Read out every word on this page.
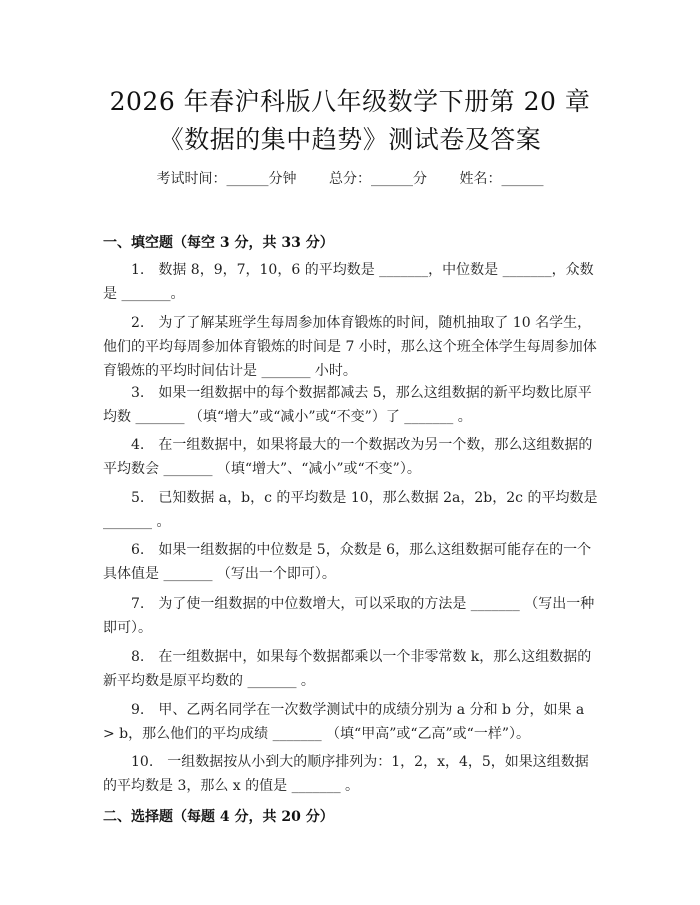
2026 年春沪科版八年级数学下册第 20 章
《数据的集中趋势》测试卷及答案
考试时间：______分钟 总分：______分 姓名：______
一、填空题（每空 3 分，共 33 分）
1.　数据 8，9，7，10，6 的平均数是 _______，中位数是 _______，众数是 _______。
2.　为了了解某班学生每周参加体育锻炼的时间，随机抽取了 10 名学生，他们的平均每周参加体育锻炼的时间是 7 小时，那么这个班全体学生每周参加体育锻炼的平均时间估计是 _______ 小时。
3.　如果一组数据中的每个数据都减去 5，那么这组数据的新平均数比原平均数 _______ （填“增大”或“减小”或“不变”）了 _______ 。
4.　在一组数据中，如果将最大的一个数据改为另一个数，那么这组数据的平均数会 _______ （填“增大”、“减小”或“不变”）。
5.　已知数据 a，b，c 的平均数是 10，那么数据 2a，2b，2c 的平均数是 _______ 。
6.　如果一组数据的中位数是 5，众数是 6，那么这组数据可能存在的一个具体值是 _______ （写出一个即可）。
7.　为了使一组数据的中位数增大，可以采取的方法是 _______ （写出一种即可）。
8.　在一组数据中，如果每个数据都乘以一个非零常数 k，那么这组数据的新平均数是原平均数的 _______ 。
9.　甲、乙两名同学在一次数学测试中的成绩分别为 a 分和 b 分，如果 a > b，那么他们的平均成绩 _______ （填“甲高”或“乙高”或“一样”）。
10.　一组数据按从小到大的顺序排列为：1，2，x，4，5，如果这组数据的平均数是 3，那么 x 的值是 _______ 。
二、选择题（每题 4 分，共 20 分）
